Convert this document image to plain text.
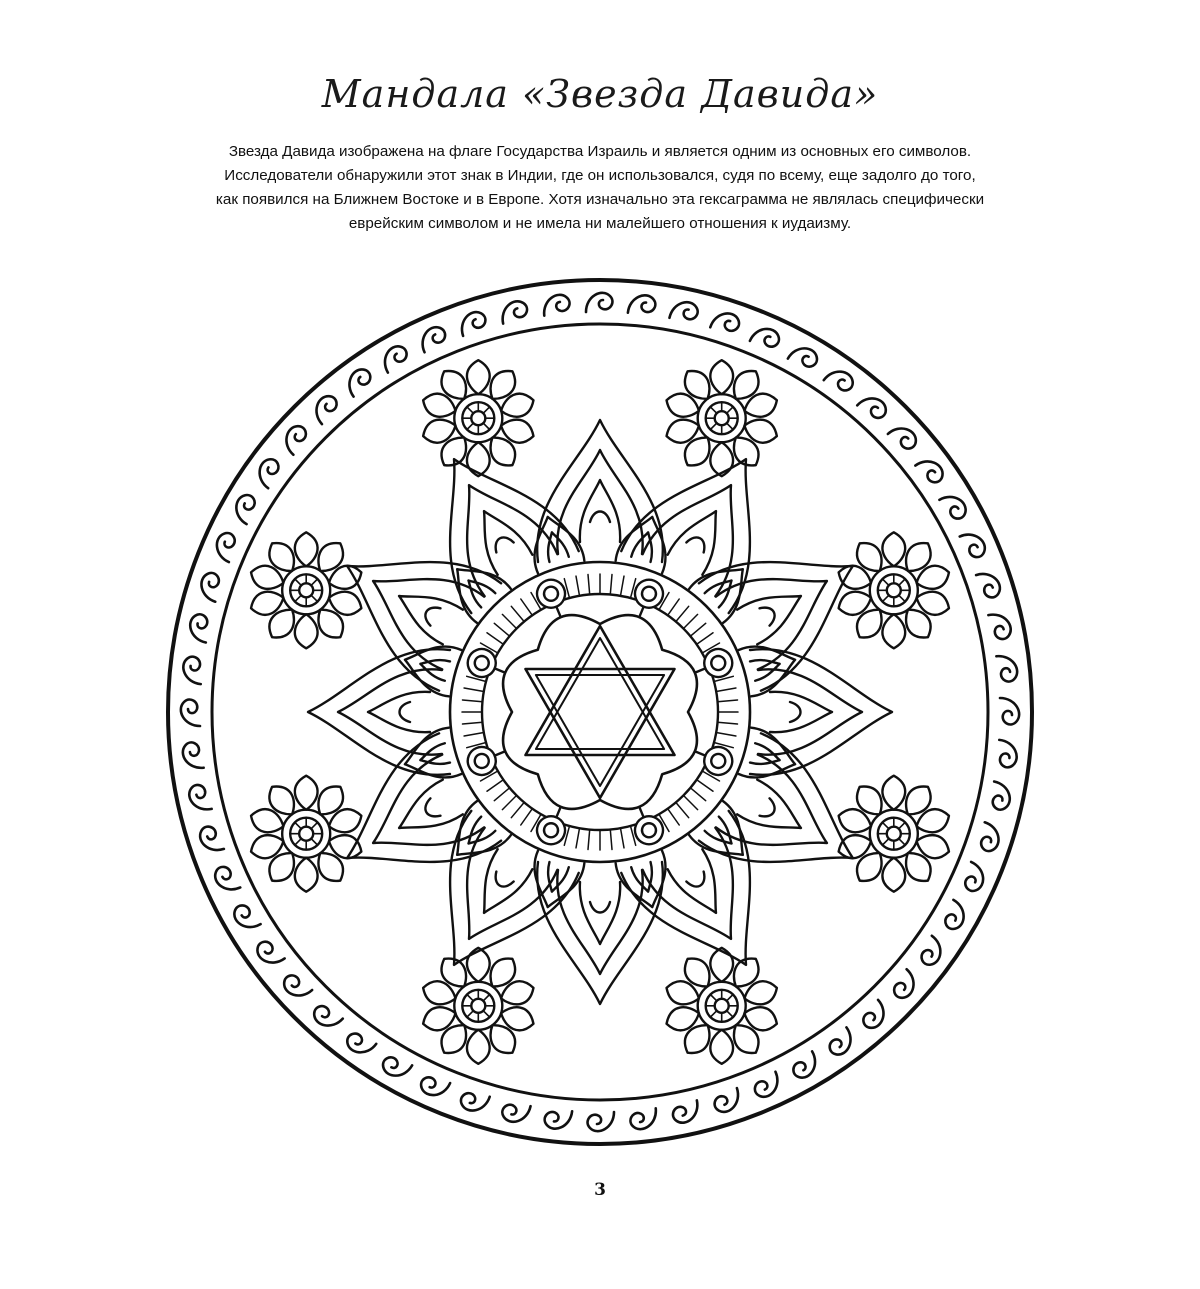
Мандала «Звезда Давида»
Звезда Давида изображена на флаге Государства Израиль и является одним из основных его символов.
Исследователи обнаружили этот знак в Индии, где он использовался, судя по всему, еще задолго до того,
как появился на Ближнем Востоке и в Европе. Хотя изначально эта гексаграмма не являлась специфически
еврейским символом и не имела ни малейшего отношения к иудаизму.
3
